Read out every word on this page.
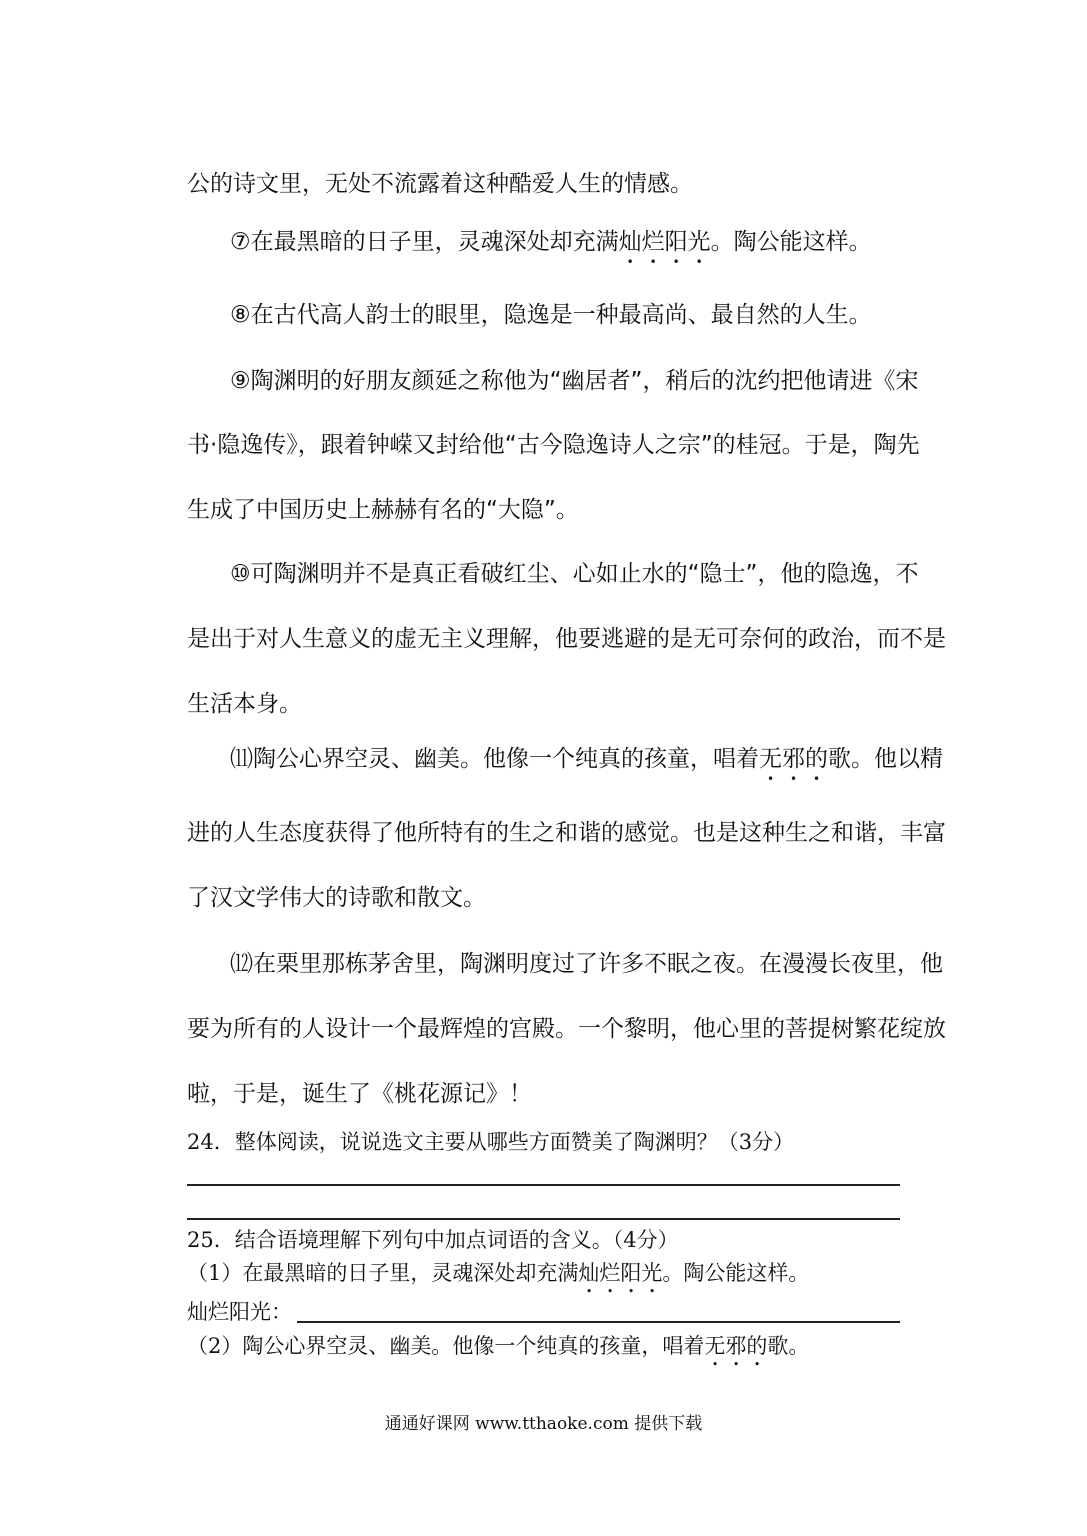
公的诗文里，无处不流露着这种酷爱人生的情感。
⑦在最黑暗的日子里，灵魂深处却充满灿烂阳光。陶公能这样。
⑧在古代高人韵士的眼里，隐逸是一种最高尚、最自然的人生。
⑨陶渊明的好朋友颜延之称他为“幽居者”，稍后的沈约把他请进《宋
书·隐逸传》，跟着钟嵘又封给他“古今隐逸诗人之宗”的桂冠。于是，陶先
生成了中国历史上赫赫有名的“大隐”。
⑩可陶渊明并不是真正看破红尘、心如止水的“隐士”，他的隐逸，不
是出于对人生意义的虚无主义理解，他要逃避的是无可奈何的政治，而不是
生活本身。
⑾陶公心界空灵、幽美。他像一个纯真的孩童，唱着无邪的歌。他以精
进的人生态度获得了他所特有的生之和谐的感觉。也是这种生之和谐，丰富
了汉文学伟大的诗歌和散文。
⑿在栗里那栋茅舍里，陶渊明度过了许多不眠之夜。在漫漫长夜里，他
要为所有的人设计一个最辉煌的宫殿。一个黎明，他心里的菩提树繁花绽放
啦，于是，诞生了《桃花源记》！
24．整体阅读，说说选文主要从哪些方面赞美了陶渊明？（3分）
25．结合语境理解下列句中加点词语的含义。（4分）
（1）在最黑暗的日子里，灵魂深处却充满灿烂阳光。陶公能这样。
灿烂阳光：
（2）陶公心界空灵、幽美。他像一个纯真的孩童，唱着无邪的歌。
通通好课网 www.tthaoke.com 提供下载
